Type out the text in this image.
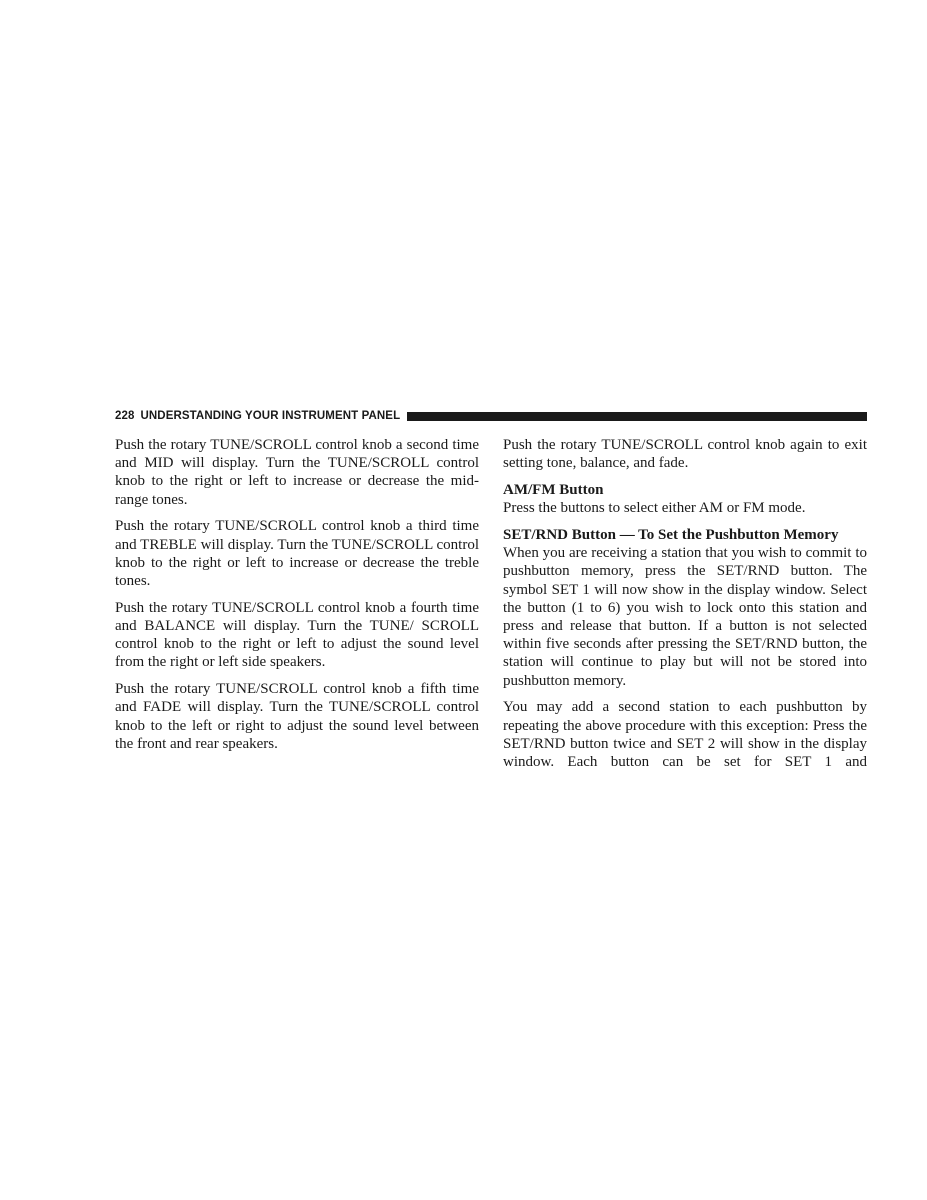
228 UNDERSTANDING YOUR INSTRUMENT PANEL

Push the rotary TUNE/SCROLL control knob a second time and MID will display. Turn the TUNE/SCROLL control knob to the right or left to increase or decrease the mid-range tones.

Push the rotary TUNE/SCROLL control knob a third time and TREBLE will display. Turn the TUNE/SCROLL control knob to the right or left to increase or decrease the treble tones.

Push the rotary TUNE/SCROLL control knob a fourth time and BALANCE will display. Turn the TUNE/ SCROLL control knob to the right or left to adjust the sound level from the right or left side speakers.

Push the rotary TUNE/SCROLL control knob a fifth time and FADE will display. Turn the TUNE/SCROLL control knob to the left or right to adjust the sound level between the front and rear speakers.

Push the rotary TUNE/SCROLL control knob again to exit setting tone, balance, and fade.

AM/FM Button

Press the buttons to select either AM or FM mode.

SET/RND Button — To Set the Pushbutton Memory

When you are receiving a station that you wish to commit to pushbutton memory, press the SET/RND button. The symbol SET 1 will now show in the display window. Select the button (1 to 6) you wish to lock onto this station and press and release that button. If a button is not selected within five seconds after pressing the SET/RND button, the station will continue to play but will not be stored into pushbutton memory.

You may add a second station to each pushbutton by repeating the above procedure with this exception: Press the SET/RND button twice and SET 2 will show in the display window. Each button can be set for SET 1 and
